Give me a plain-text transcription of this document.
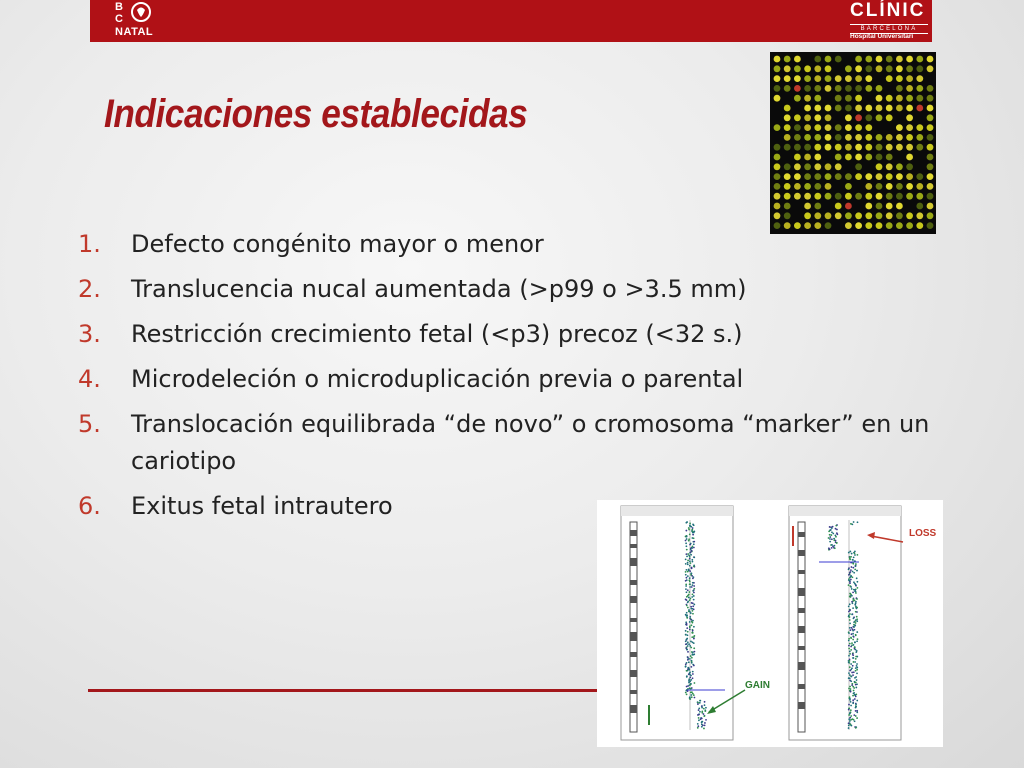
B
C
NATAL
CLÍNIC
BARCELONA
Hospital Universitari
Indicaciones establecidas
1. Defecto congénito mayor o menor
2. Translucencia nucal aumentada (>p99 o >3.5 mm)
3. Restricción crecimiento fetal (<p3) precoz (<32 s.)
4. Microdeleción o microduplicación previa o parental
5. Translocación equilibrada “de novo” o cromosoma “marker” en un cariotipo
6. Exitus fetal intrautero
LOSS
GAIN
